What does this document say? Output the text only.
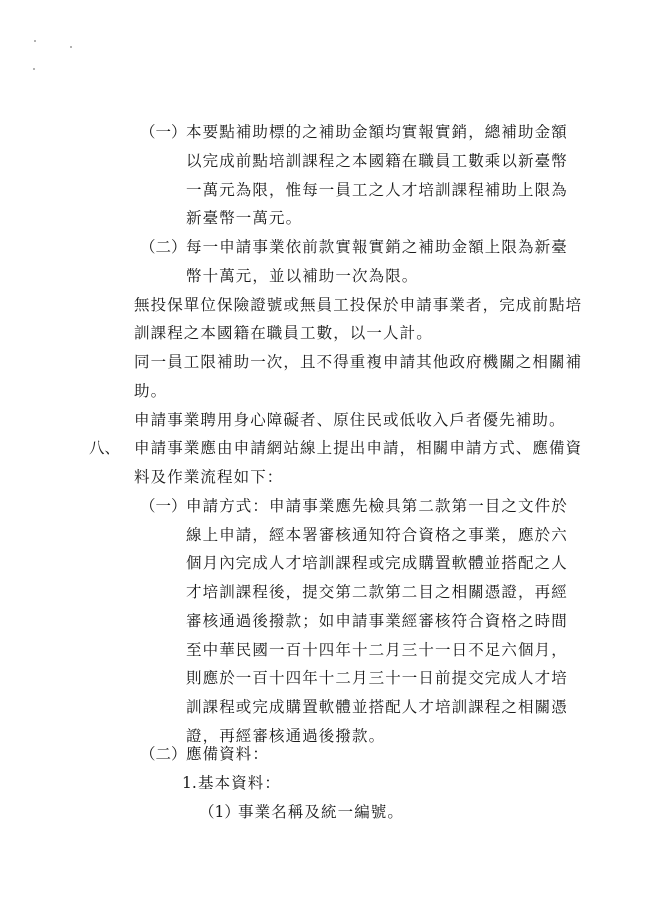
（一） 本要點補助標的之補助金額均實報實銷，總補助金額
以完成前點培訓課程之本國籍在職員工數乘以新臺幣
一萬元為限，惟每一員工之人才培訓課程補助上限為
新臺幣一萬元。
（二） 每一申請事業依前款實報實銷之補助金額上限為新臺
幣十萬元，並以補助一次為限。
無投保單位保險證號或無員工投保於申請事業者，完成前點培
訓課程之本國籍在職員工數，以一人計。
同一員工限補助一次，且不得重複申請其他政府機關之相關補
助。
申請事業聘用身心障礙者、原住民或低收入戶者優先補助。
八、 申請事業應由申請網站線上提出申請，相關申請方式、應備資
料及作業流程如下：
（一） 申請方式：申請事業應先檢具第二款第一目之文件於
線上申請，經本署審核通知符合資格之事業，應於六
個月內完成人才培訓課程或完成購置軟體並搭配之人
才培訓課程後，提交第二款第二目之相關憑證，再經
審核通過後撥款；如申請事業經審核符合資格之時間
至中華民國一百十四年十二月三十一日不足六個月，
則應於一百十四年十二月三十一日前提交完成人才培
訓課程或完成購置軟體並搭配人才培訓課程之相關憑
證，再經審核通過後撥款。
（二） 應備資料：
1. 基本資料：
（1）
事業名稱及統一編號。
